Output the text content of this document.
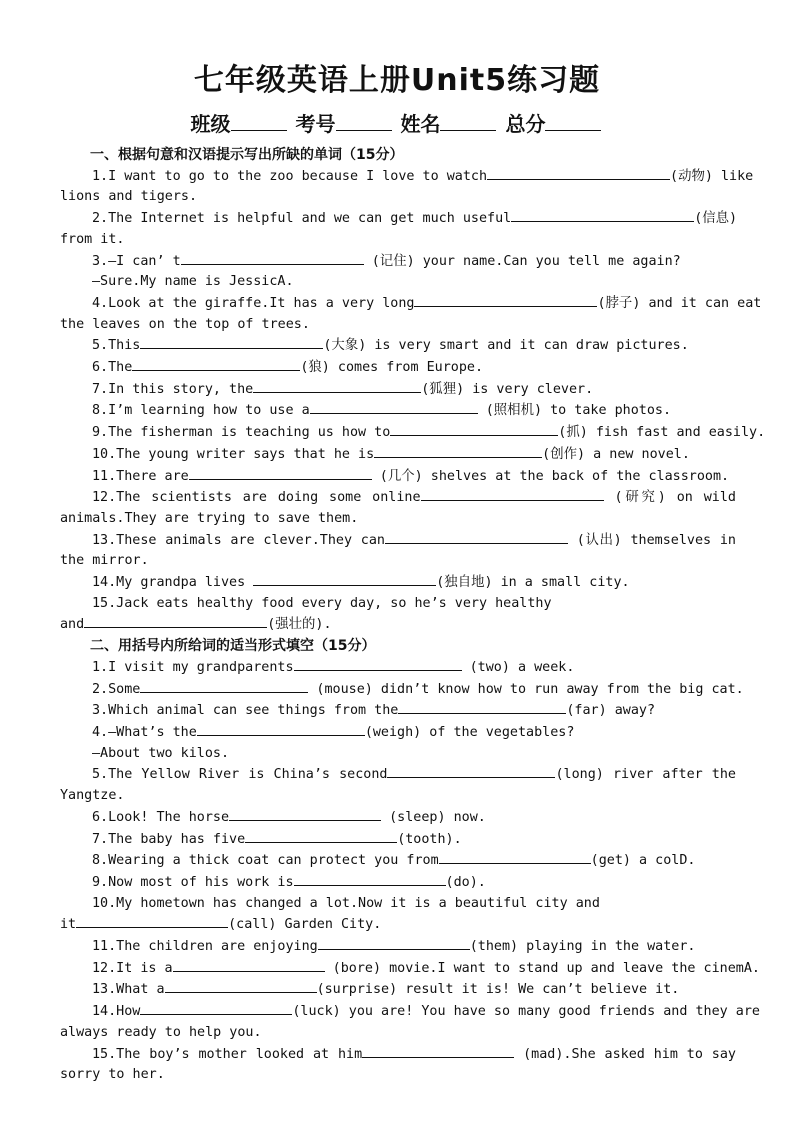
七年级英语上册Unit5练习题
班级	考号	姓名	总分
一、根据句意和汉语提示写出所缺的单词（15分）
1.I want to go to the zoo because I love to watch	(动物) like
lions and tigers.
2.The Internet is helpful and we can get much useful	(信息)
from it.
3.—I can’ t	(记住) your name.Can you tell me again?
—Sure.My name is JessicA.
4.Look at the giraffe.It has a very long	(脖子) and it can eat
the leaves on the top of trees.
5.This	(大象) is very smart and it can draw pictures.
6.The	(狼) comes from Europe.
7.In this story, the	(狐狸) is very clever.
8.I’m learning how to use a	(照相机) to take photos.
9.The fisherman is teaching us how to	(抓) fish fast and easily.
10.The young writer says that he is	(创作) a new novel.
11.There are	(几个) shelves at the back of the classroom.
12.The scientists are doing some online	(研究) on wild
animals.They are trying to save them.
13.These animals are clever.They can	(认出) themselves in
the mirror.
14.My grandpa lives	(独自地) in a small city.
15.Jack eats healthy food every day, so he’s very healthy
and	(强壮的).
二、用括号内所给词的适当形式填空（15分）
1.I visit my grandparents	(two) a week.
2.Some	(mouse) didn’t know how to run away from the big cat.
3.Which animal can see things from the	(far) away?
4.—What’s the	(weigh) of the vegetables?
—About two kilos.
5.The Yellow River is China’s second	(long) river after the
Yangtze.
6.Look! The horse	(sleep) now.
7.The baby has five	(tooth).
8.Wearing a thick coat can protect you from	(get) a colD.
9.Now most of his work is	(do).
10.My hometown has changed a lot.Now it is a beautiful city and
it	(call) Garden City.
11.The children are enjoying	(them) playing in the water.
12.It is a	(bore) movie.I want to stand up and leave the cinemA.
13.What a	(surprise) result it is! We can’t believe it.
14.How	(luck) you are! You have so many good friends and they are
always ready to help you.
15.The boy’s mother looked at him	(mad).She asked him to say
sorry to her.
